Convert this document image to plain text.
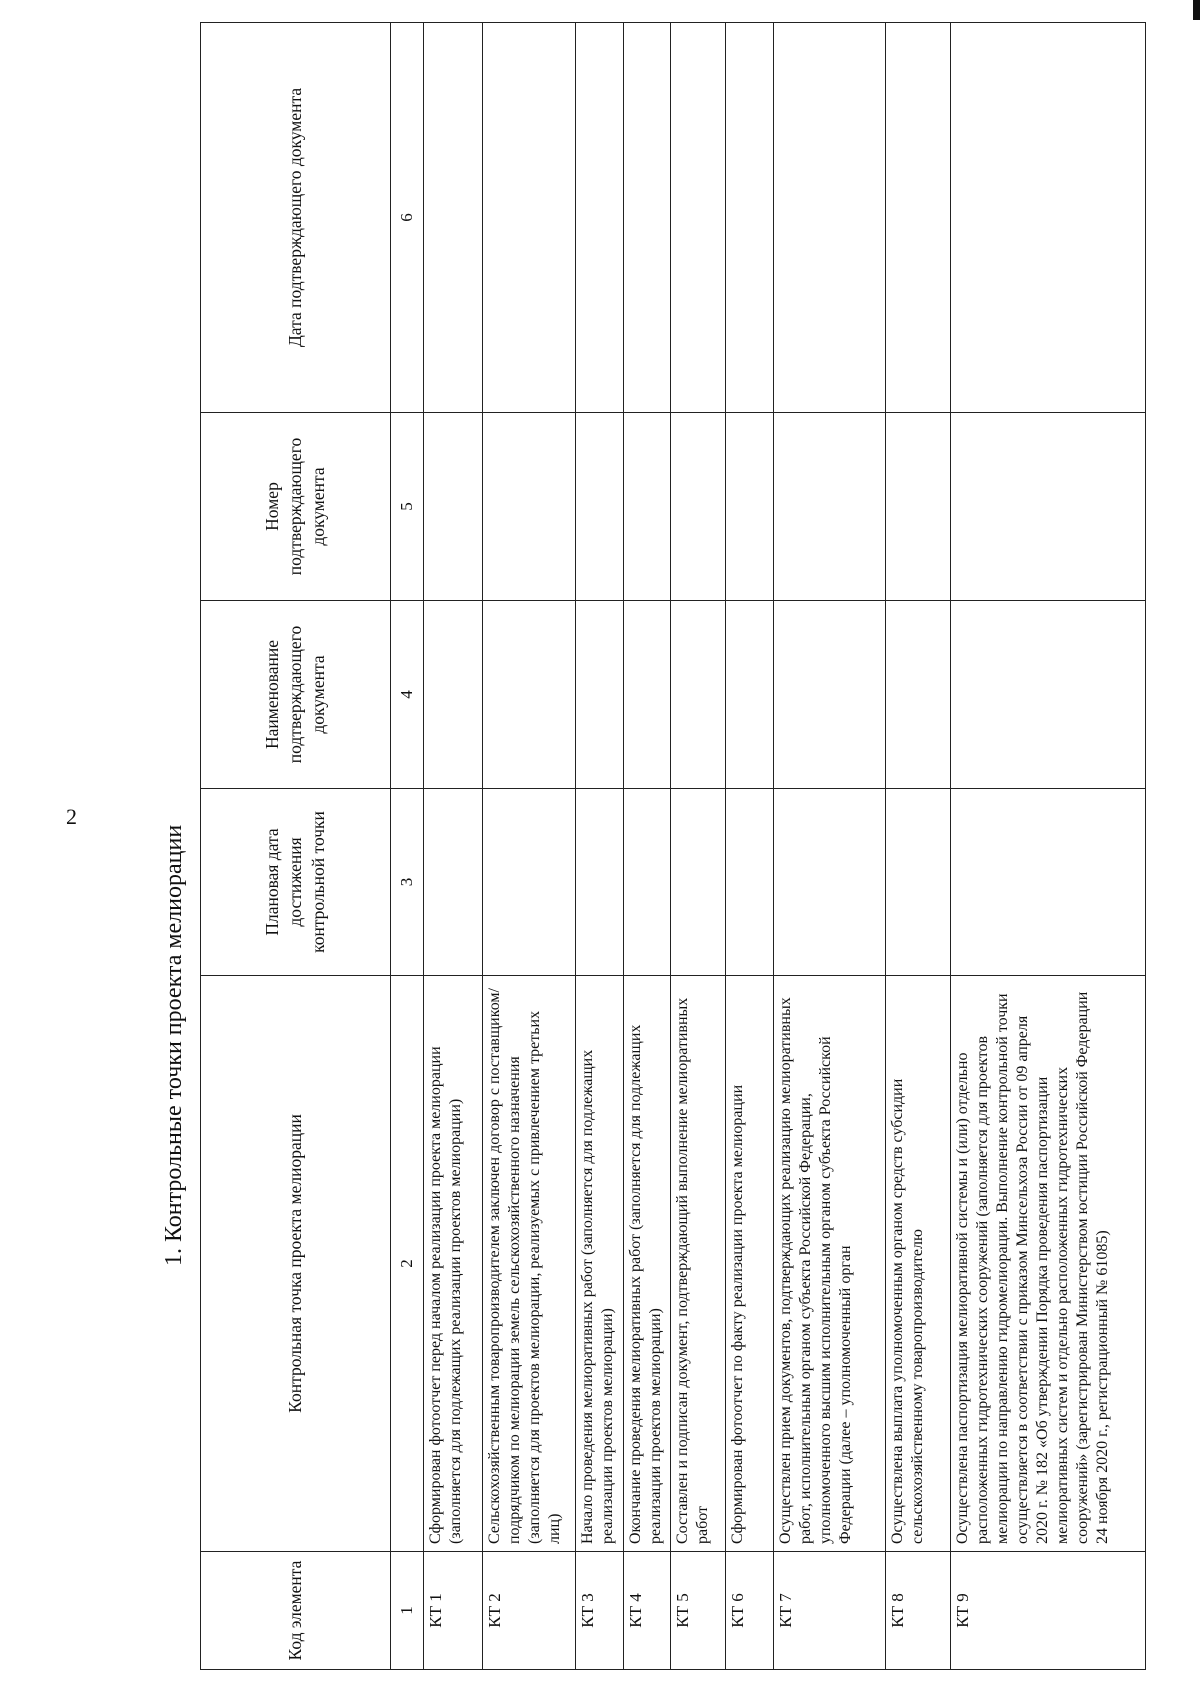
2
1. Контрольные точки проекта мелиорации
Код элемента	Контрольная точка проекта мелиорации	Плановая дата достижения контрольной точки	Наименование подтверждающего документа	Номер подтверждающего документа	Дата подтверждающего документа
1	2	3	4	5	6
КТ 1	Сформирован фотоотчет перед началом реализации проекта мелиорации (заполняется для подлежащих реализации проектов мелиорации)				
КТ 2	Сельскохозяйственным товаропроизводителем заключен договор с поставщиком/подрядчиком по мелиорации земель сельскохозяйственного назначения (заполняется для проектов мелиорации, реализуемых с привлечением третьих лиц)				
КТ 3	Начало проведения мелиоративных работ (заполняется для подлежащих реализации проектов мелиорации)				
КТ 4	Окончание проведения мелиоративных работ (заполняется для подлежащих реализации проектов мелиорации)				
КТ 5	Составлен и подписан документ, подтверждающий выполнение мелиоративных работ				
КТ 6	Сформирован фотоотчет по факту реализации проекта мелиорации				
КТ 7	Осуществлен прием документов, подтверждающих реализацию мелиоративных работ, исполнительным органом субъекта Российской Федерации, уполномоченного высшим исполнительным органом субъекта Российской Федерации (далее – уполномоченный орган				
КТ 8	Осуществлена выплата уполномоченным органом средств субсидии сельскохозяйственному товаропроизводителю				
КТ 9	Осуществлена паспортизация мелиоративной системы и (или) отдельно расположенных гидротехнических сооружений (заполняется для проектов мелиорации по направлению гидромелиорации. Выполнение контрольной точки осуществляется в соответствии с приказом Минсельхоза России от 09 апреля 2020 г. № 182 «Об утверждении Порядка проведения паспортизации мелиоративных систем и отдельно расположенных гидротехнических сооружений» (зарегистрирован Министерством юстиции Российской Федерации 24 ноября 2020 г., регистрационный № 61085)				
